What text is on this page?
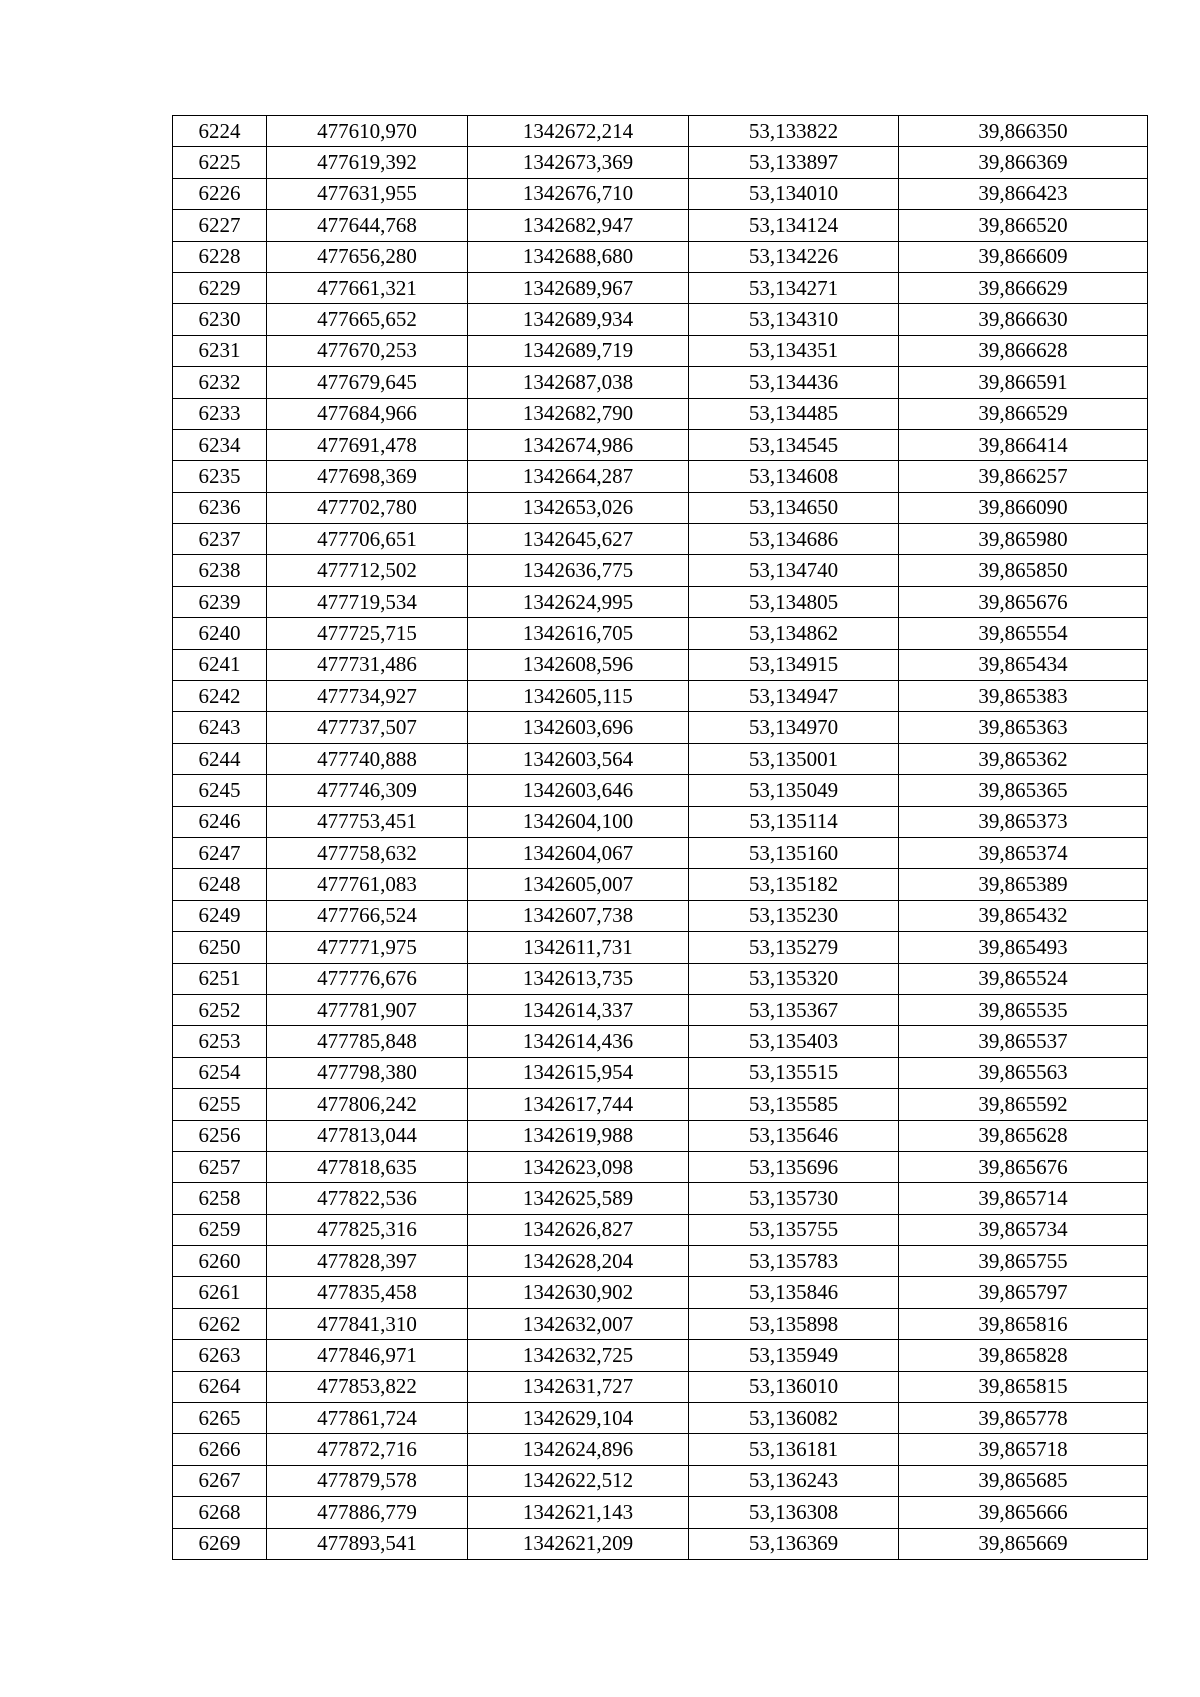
6224	477610,970	1342672,214	53,133822	39,866350
6225	477619,392	1342673,369	53,133897	39,866369
6226	477631,955	1342676,710	53,134010	39,866423
6227	477644,768	1342682,947	53,134124	39,866520
6228	477656,280	1342688,680	53,134226	39,866609
6229	477661,321	1342689,967	53,134271	39,866629
6230	477665,652	1342689,934	53,134310	39,866630
6231	477670,253	1342689,719	53,134351	39,866628
6232	477679,645	1342687,038	53,134436	39,866591
6233	477684,966	1342682,790	53,134485	39,866529
6234	477691,478	1342674,986	53,134545	39,866414
6235	477698,369	1342664,287	53,134608	39,866257
6236	477702,780	1342653,026	53,134650	39,866090
6237	477706,651	1342645,627	53,134686	39,865980
6238	477712,502	1342636,775	53,134740	39,865850
6239	477719,534	1342624,995	53,134805	39,865676
6240	477725,715	1342616,705	53,134862	39,865554
6241	477731,486	1342608,596	53,134915	39,865434
6242	477734,927	1342605,115	53,134947	39,865383
6243	477737,507	1342603,696	53,134970	39,865363
6244	477740,888	1342603,564	53,135001	39,865362
6245	477746,309	1342603,646	53,135049	39,865365
6246	477753,451	1342604,100	53,135114	39,865373
6247	477758,632	1342604,067	53,135160	39,865374
6248	477761,083	1342605,007	53,135182	39,865389
6249	477766,524	1342607,738	53,135230	39,865432
6250	477771,975	1342611,731	53,135279	39,865493
6251	477776,676	1342613,735	53,135320	39,865524
6252	477781,907	1342614,337	53,135367	39,865535
6253	477785,848	1342614,436	53,135403	39,865537
6254	477798,380	1342615,954	53,135515	39,865563
6255	477806,242	1342617,744	53,135585	39,865592
6256	477813,044	1342619,988	53,135646	39,865628
6257	477818,635	1342623,098	53,135696	39,865676
6258	477822,536	1342625,589	53,135730	39,865714
6259	477825,316	1342626,827	53,135755	39,865734
6260	477828,397	1342628,204	53,135783	39,865755
6261	477835,458	1342630,902	53,135846	39,865797
6262	477841,310	1342632,007	53,135898	39,865816
6263	477846,971	1342632,725	53,135949	39,865828
6264	477853,822	1342631,727	53,136010	39,865815
6265	477861,724	1342629,104	53,136082	39,865778
6266	477872,716	1342624,896	53,136181	39,865718
6267	477879,578	1342622,512	53,136243	39,865685
6268	477886,779	1342621,143	53,136308	39,865666
6269	477893,541	1342621,209	53,136369	39,865669
